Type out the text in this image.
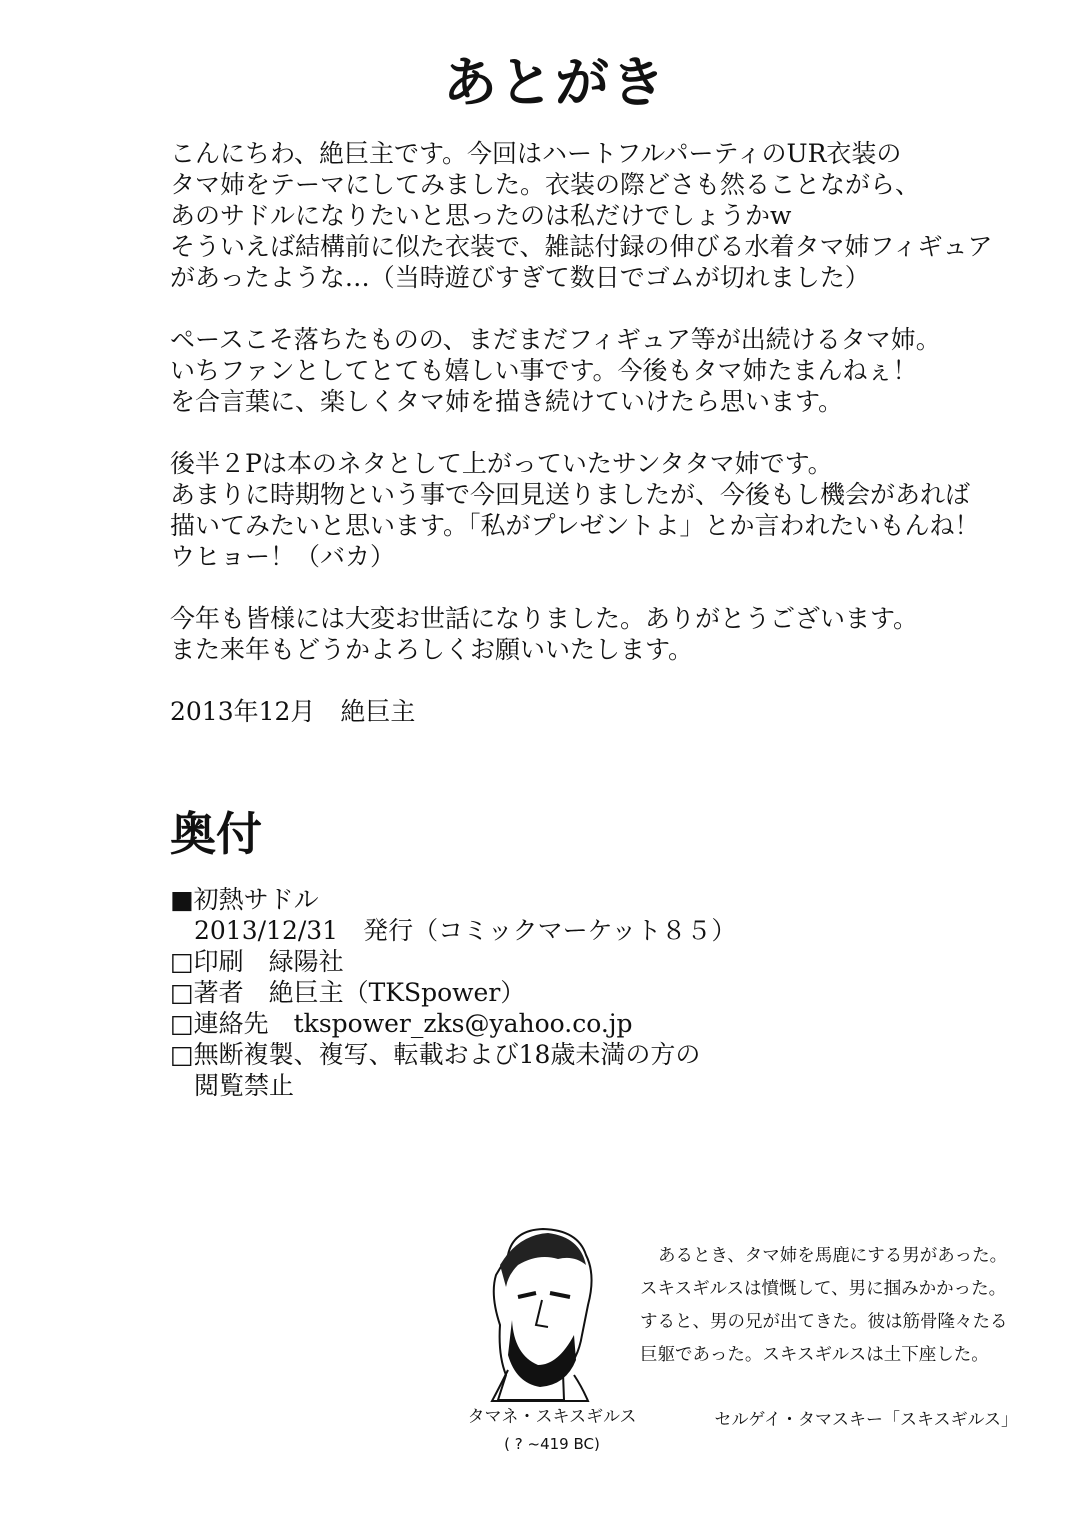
あとがき
こんにちわ、絶巨主です。今回はハートフルパーティのUR衣装の
タマ姉をテーマにしてみました。衣装の際どさも然ることながら、
あのサドルになりたいと思ったのは私だけでしょうかw
そういえば結構前に似た衣装で、雑誌付録の伸びる水着タマ姉フィギュア
があったような…（当時遊びすぎて数日でゴムが切れました）
ペースこそ落ちたものの、まだまだフィギュア等が出続けるタマ姉。
いちファンとしてとても嬉しい事です。今後もタマ姉たまんねぇ！
を合言葉に、楽しくタマ姉を描き続けていけたら思います。
後半２Pは本のネタとして上がっていたサンタタマ姉です。
あまりに時期物という事で今回見送りましたが、今後もし機会があれば
描いてみたいと思います。「私がプレゼントよ」とか言われたいもんね！
ウヒョー！（バカ）
今年も皆様には大変お世話になりました。ありがとうございます。
また来年もどうかよろしくお願いいたします。
2013年12月　絶巨主
奥付
■初熱サドル
2013/12/31　発行（コミックマーケット８５）
□印刷　緑陽社
□著者　絶巨主（TKSpower）
□連絡先　tkspower_zks@yahoo.co.jp
□無断複製、複写、転載および18歳未満の方の
閲覧禁止
タマネ・スキスギルス
( ? ~419 BC)
あるとき、タマ姉を馬鹿にする男があった。
スキスギルスは憤慨して、男に掴みかかった。
すると、男の兄が出てきた。彼は筋骨隆々たる
巨躯であった。スキスギルスは土下座した。
セルゲイ・タマスキー「スキスギルス」
